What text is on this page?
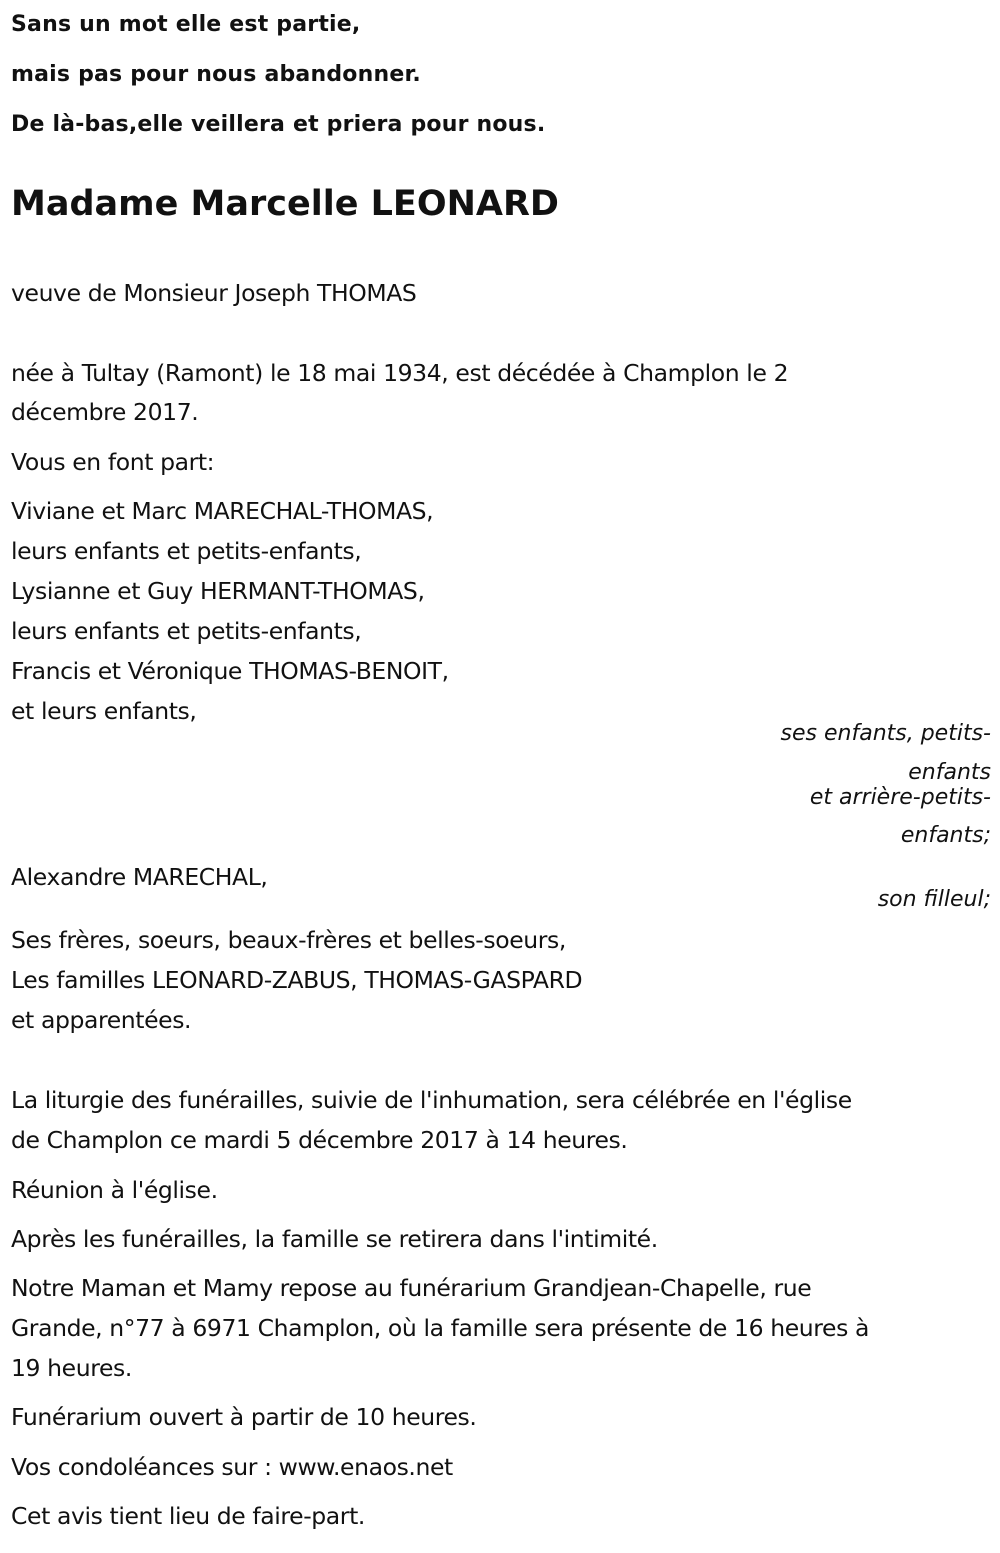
Sans un mot elle est partie,
mais pas pour nous abandonner.
De là-bas,elle veillera et priera pour nous.
Madame Marcelle LEONARD
veuve de Monsieur Joseph THOMAS
née à Tultay (Ramont) le 18 mai 1934, est décédée à Champlon le 2
décembre 2017.
Vous en font part:
Viviane et Marc MARECHAL-THOMAS,
leurs enfants et petits-enfants,
Lysianne et Guy HERMANT-THOMAS,
leurs enfants et petits-enfants,
Francis et Véronique THOMAS-BENOIT,
et leurs enfants,
ses enfants, petits-
enfants
et arrière-petits-
enfants;
Alexandre MARECHAL,
son filleul;
Ses frères, soeurs, beaux-frères et belles-soeurs,
Les familles LEONARD-ZABUS, THOMAS-GASPARD
et apparentées.
La liturgie des funérailles, suivie de l'inhumation, sera célébrée en l'église
de Champlon ce mardi 5 décembre 2017 à 14 heures.
Réunion à l'église.
Après les funérailles, la famille se retirera dans l'intimité.
Notre Maman et Mamy repose au funérarium Grandjean-Chapelle, rue
Grande, n°77 à 6971 Champlon, où la famille sera présente de 16 heures à
19 heures.
Funérarium ouvert à partir de 10 heures.
Vos condoléances sur : www.enaos.net
Cet avis tient lieu de faire-part.
